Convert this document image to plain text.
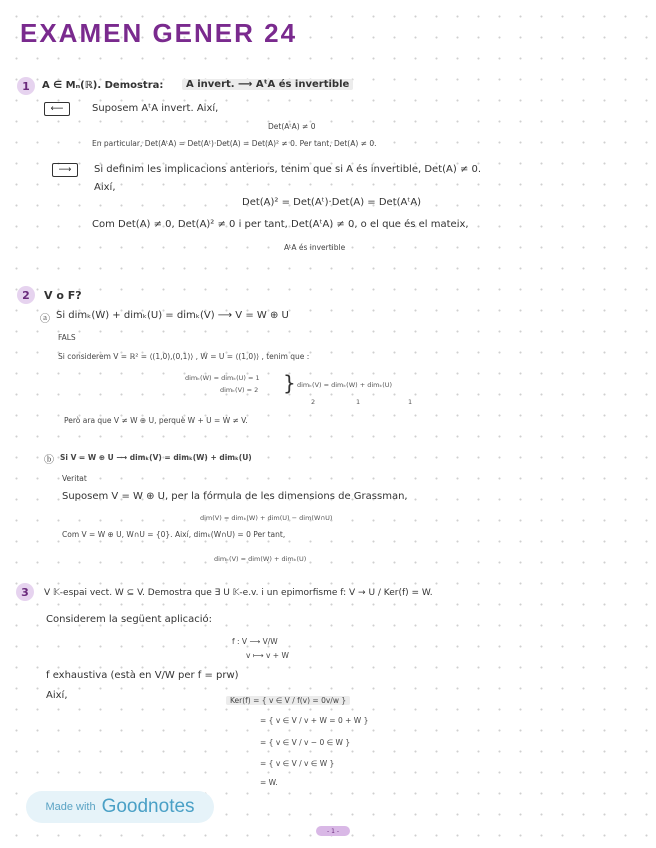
EXAMEN GENER 24
1	A ∈ Mₙ(ℝ). Demostra:	A invert. ⟶ AᵗA és invertible
⟵	Suposem AᵗA invert. Així,
Det(AᵗA) ≠ 0
En particular, Det(AᵗA) = Det(Aᵗ)·Det(A) = Det(A)² ≠ 0. Per tant, Det(A) ≠ 0.
⟶	Si definim les implicacions anteriors, tenim que si A és invertible, Det(A) ≠ 0.
Així,
Det(A)² = Det(Aᵗ)·Det(A) = Det(AᵗA)
Com Det(A) ≠ 0, Det(A)² ≠ 0 i per tant, Det(AᵗA) ≠ 0, o el que és el mateix,
AᵗA és invertible
2	V o F?
ⓐ Si dimₖ(W) + dimₖ(U) = dimₖ(V) ⟶ V = W ⊕ U
FALS
Si considerem V = ℝ² = ⟨(1,0),(0,1)⟩ , W = U = ⟨(1,0)⟩ , tenim que :
dimₖ(W) = dimₖ(U) = 1
dimₖ(V) = 2 } dimₖ(V) = dimₖ(W) + dimₖ(U)
2	1	1
Però ara que V ≠ W ⊕ U, perquè W + U = W ≠ V.
ⓑ Si V = W ⊕ U ⟶ dimₖ(V) = dimₖ(W) + dimₖ(U)
Veritat
Suposem V = W ⊕ U, per la fórmula de les dimensions de Grassman,
dim(V) = dimₖ(W) + dim(U) − dim(W∩U)
Com V = W ⊕ U, W∩U = {0}. Així, dimₖ(W∩U) = 0 Per tant,
dimₖ(V) = dim(W) + dimₖ(U)
3	V 𝕂-espai vect. W ⊆ V. Demostra que ∃ U 𝕂-e.v. i un epimorfisme f: V → U / Ker(f) = W.
Considerem la següent aplicació:
f : V ⟶ V/W
v ⟼ v + W
f exhaustiva (està en V/W per f = prᴡ)
Així,	Ker(f) = { v ∈ V / f(v) = 0ᴠ/ᴡ }
= { v ∈ V / v + W = 0 + W }
= { v ∈ V / v − 0 ∈ W }
= { v ∈ V / v ∈ W }
= W.
Made with Goodnotes
- 1 -
